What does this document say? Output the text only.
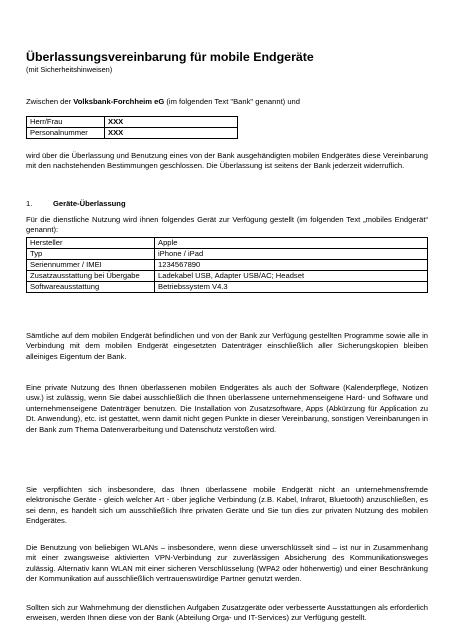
Überlassungsvereinbarung für mobile Endgeräte
(mit Sicherheitshinweisen)

Zwischen der Volksbank-Forchheim eG (im folgenden Text "Bank" genannt) und

Herr/Frau	XXX
Personalnummer	XXX

wird über die Überlassung und Benutzung eines von der Bank ausgehändigten mobilen Endgerätes diese Vereinbarung mit den nachstehenden Bestimmungen geschlossen. Die Überlassung ist seitens der Bank jederzeit widerruflich.

1.	Geräte-Überlassung

Für die dienstliche Nutzung wird ihnen folgendes Gerät zur Verfügung gestellt (im folgenden Text „mobiles Endgerät“ genannt):

Hersteller	Apple
Typ	iPhone / iPad
Seriennummer / IMEI	1234567890
Zusatzausstattung bei Übergabe	Ladekabel USB, Adapter USB/AC; Headset
Softwareausstattung	Betriebssystem V4.3

Sämtliche auf dem mobilen Endgerät befindlichen und von der Bank zur Verfügung gestellten Programme sowie alle in Verbindung mit dem mobilen Endgerät eingesetzten Datenträger einschließlich aller Sicherungskopien bleiben alleiniges Eigentum der Bank.

Eine private Nutzung des Ihnen überlassenen mobilen Endgerätes als auch der Software (Kalenderpflege, Notizen usw.) ist zulässig, wenn Sie dabei ausschließlich die Ihnen überlassene unternehmenseigene Hard- und Software und unternehmenseigene Datenträger benutzen. Die Installation von Zusatzsoftware, Apps (Abkürzung für Application zu Dt. Anwendung), etc. ist gestattet, wenn damit nicht gegen Punkte in dieser Vereinbarung, sonstigen Vereinbarungen in der Bank zum Thema Datenverarbeitung und Datenschutz verstoßen wird.

Sie verpflichten sich insbesondere, das Ihnen überlassene mobile Endgerät nicht an unternehmensfremde elektronische Geräte - gleich welcher Art - über jegliche Verbindung (z.B. Kabel, Infrarot, Bluetooth) anzuschließen, es sei denn, es handelt sich um ausschließlich Ihre privaten Geräte und Sie tun dies zur privaten Nutzung des mobilen Endgerätes.

Die Benutzung von beliebigen WLANs – insbesondere, wenn diese unverschlüsselt sind – ist nur in Zusammenhang mit einer zwangsweise aktivierten VPN-Verbindung zur zuverlässigen Absicherung des Kommunikationsweges zulässig. Alternativ kann WLAN mit einer sicheren Verschlüsselung (WPA2 oder höherwertig) und einer Beschränkung der Kommunikation auf ausschließlich vertrauenswürdige Partner genutzt werden.

Sollten sich zur Wahrnehmung der dienstlichen Aufgaben Zusatzgeräte oder verbesserte Ausstattungen als erforderlich erweisen, werden Ihnen diese von der Bank (Abteilung Orga- und IT-Services) zur Verfügung gestellt.
